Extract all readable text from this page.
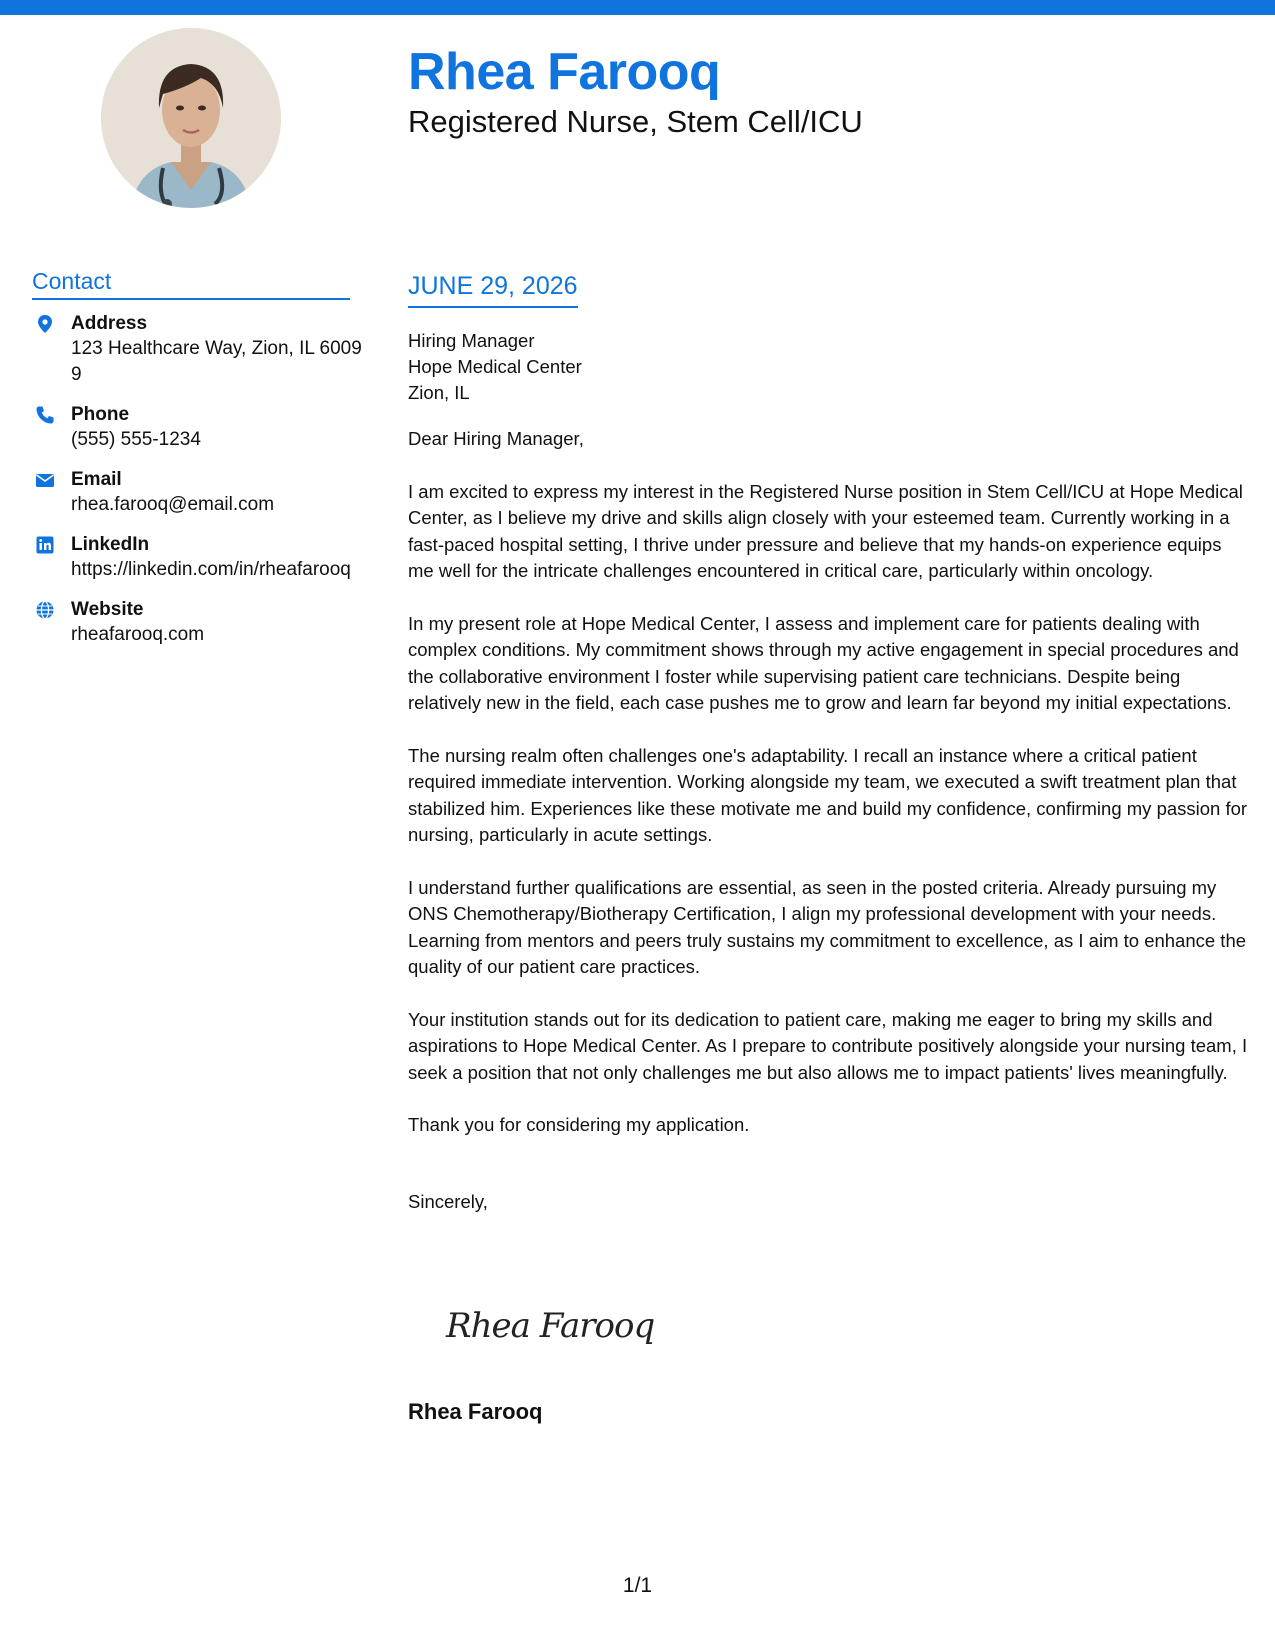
Rhea Farooq
Registered Nurse, Stem Cell/ICU
Contact
Address
123 Healthcare Way, Zion, IL 60099
Phone
(555) 555-1234
Email
rhea.farooq@email.com
LinkedIn
https://linkedin.com/in/rheafarooq
Website
rheafarooq.com
JUNE 29, 2026
Hiring Manager
Hope Medical Center
Zion, IL

Dear Hiring Manager,

I am excited to express my interest in the Registered Nurse position in Stem Cell/ICU at Hope Medical Center, as I believe my drive and skills align closely with your esteemed team. Currently working in a fast-paced hospital setting, I thrive under pressure and believe that my hands-on experience equips me well for the intricate challenges encountered in critical care, particularly within oncology.

In my present role at Hope Medical Center, I assess and implement care for patients dealing with complex conditions. My commitment shows through my active engagement in special procedures and the collaborative environment I foster while supervising patient care technicians. Despite being relatively new in the field, each case pushes me to grow and learn far beyond my initial expectations.

The nursing realm often challenges one's adaptability. I recall an instance where a critical patient required immediate intervention. Working alongside my team, we executed a swift treatment plan that stabilized him. Experiences like these motivate me and build my confidence, confirming my passion for nursing, particularly in acute settings.

I understand further qualifications are essential, as seen in the posted criteria. Already pursuing my ONS Chemotherapy/Biotherapy Certification, I align my professional development with your needs. Learning from mentors and peers truly sustains my commitment to excellence, as I aim to enhance the quality of our patient care practices.

Your institution stands out for its dedication to patient care, making me eager to bring my skills and aspirations to Hope Medical Center. As I prepare to contribute positively alongside your nursing team, I seek a position that not only challenges me but also allows me to impact patients' lives meaningfully.

Thank you for considering my application.

Sincerely,

Rhea Farooq
Rhea Farooq
1/1
